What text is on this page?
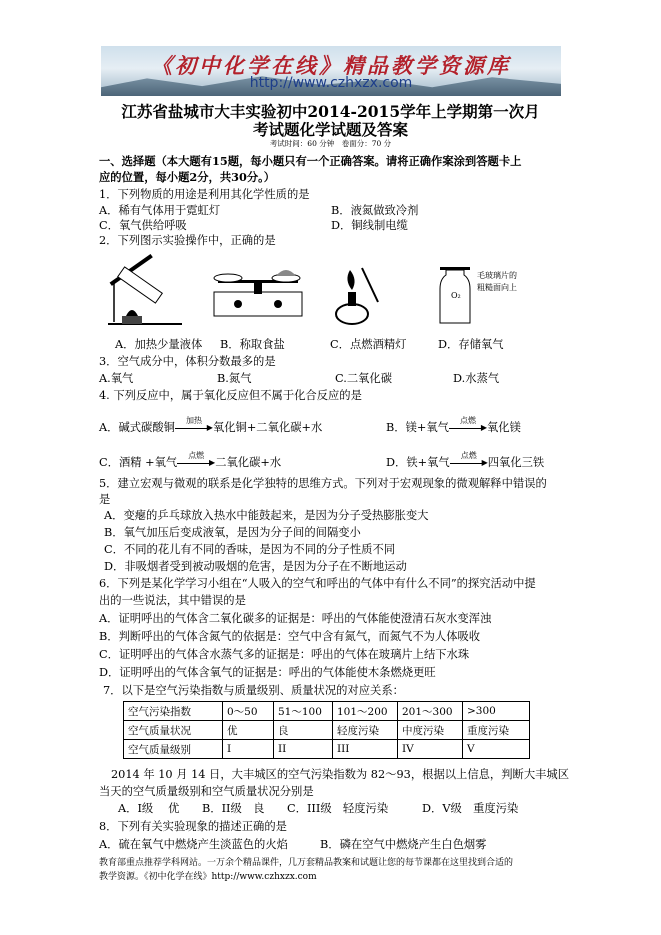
《初中化学在线》精品教学资源库
http://www.czhxzx.com
江苏省盐城市大丰实验初中2014-2015学年上学期第一次月
考试题化学试题及答案
考试时间：60 分钟　卷面分：70 分
一、选择题（本大题有15题，每小题只有一个正确答案。请将正确作案涂到答题卡上
应的位置，每小题2分，共30分。）
1．下列物质的用途是利用其化学性质的是
A．稀有气体用于霓虹灯	B．液氮做致冷剂
C．氧气供给呼吸	D．铜线制电缆
2．下列图示实验操作中，正确的是
O₂
毛玻璃片的
粗糙面向上
A．加热少量液体 B．称取食盐	C．点燃酒精灯	D．存储氧气
3．空气成分中，体积分数最多的是
A.氧气	B.氮气	C.二氧化碳	D.水蒸气
4. 下列反应中，属于氧化反应但不属于化合反应的是
A．碱式碳酸铜
加热
▶ 氧化铜+二氧化碳+水	B．镁+氧气
点燃
▶ 氧化镁
C．酒精 +氧气
点燃
▶ 二氧化碳+水	D．铁+氧气
点燃
▶ 四氧化三铁
5．建立宏观与微观的联系是化学独特的思维方式。下列对于宏观现象的微观解释中错误的
是
A．变瘪的乒乓球放入热水中能鼓起来，是因为分子受热膨胀变大
B．氧气加压后变成液氧，是因为分子间的间隔变小
C．不同的花儿有不同的香味，是因为不同的分子性质不同
D．非吸烟者受到被动吸烟的危害，是因为分子在不断地运动
6．下列是某化学学习小组在“人吸入的空气和呼出的气体中有什么不同”的探究活动中提
出的一些说法，其中错误的是
A．证明呼出的气体含二氧化碳多的证据是：呼出的气体能使澄清石灰水变浑浊
B．判断呼出的气体含氮气的依据是：空气中含有氮气，而氮气不为人体吸收
C．证明呼出的气体含水蒸气多的证据是：呼出的气体在玻璃片上结下水珠
D．证明呼出的气体含氧气的证据是：呼出的气体能使木条燃烧更旺
7．以下是空气污染指数与质量级别、质量状况的对应关系：
空气污染指数	0～50	51～100	101～200	201～300	>300
空气质量状况	优	良	轻度污染	中度污染	重度污染
空气质量级别	I	II	III	IV	V
2014 年 10 月 14 日，大丰城区的空气污染指数为 82～93，根据以上信息，判断大丰城区
当天的空气质量级别和空气质量状况分别是
A．I级　 优　　B．II级　良　　C．III级　轻度污染　　　D．V级　重度污染
8．下列有关实验现象的描述正确的是
A．硫在氧气中燃烧产生淡蓝色的火焰	B．磷在空气中燃烧产生白色烟雾
教育部重点推荐学科网站。一万余个精品课件，几万套精品教案和试题让您的每节课都在这里找到合适的
教学资源。《初中化学在线》http://www.czhxzx.com
